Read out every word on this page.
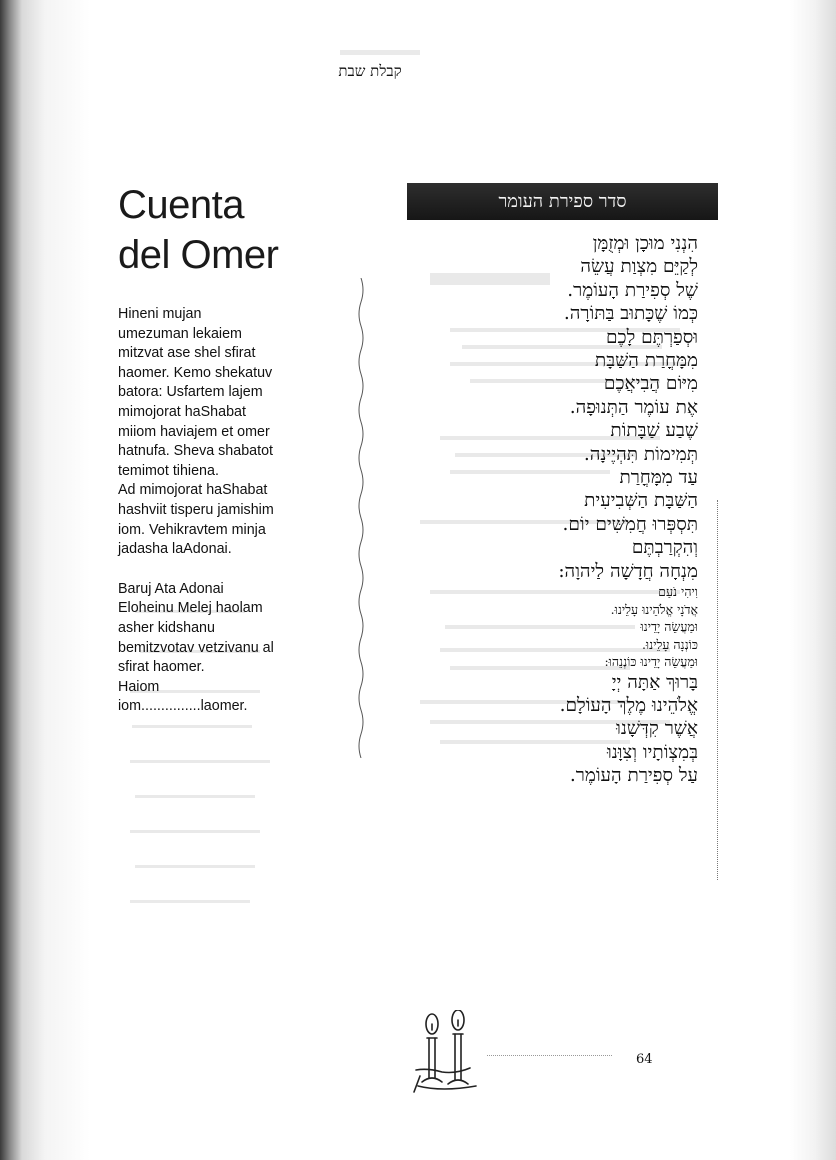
▬▬▬
קבלת שבת
Cuenta
del Omer

Hineni mujan
umezuman lekaiem
mitzvat ase shel sfirat
haomer. Kemo shekatuv
batora: Usfartem lajem
mimojorat haShabat
miiom haviajem et omer
hatnufa. Sheva shabatot
temimot tihiena.
Ad mimojorat haShabat
hashviit tisperu jamishim
iom. Vehikravtem minja
jadasha laAdonai.

Baruj Ata Adonai
Eloheinu Melej haolam
asher kidshanu
bemitzvotav vetzivanu al
sfirat haomer.
Haiom
iom...............laomer.

סדר ספירת העומר
הִנְנִי מוּכָן וּמְזֻמָּן
לְקַיֵּם מִצְוַת עֲשֵׂה
שֶׁל סְפִירַת הָעוֹמֶר.
כְּמוֹ שֶׁכָּתוּב בַּתּוֹרָה.
וּסְפַרְתֶּם לָכֶם
מִמָּחֳרַת הַשַּׁבָּת
מִיּוֹם הֲבִיאֲכֶם
אֶת עוֹמֶר הַתְּנוּפָה.
שֶׁבַע שַׁבָּתוֹת
תְּמִימוֹת תִּהְיֶינָה.
עַד מִמָּחֳרַת
הַשַּׁבָּת הַשְּׁבִיעִית
תִּסְפְּרוּ חֲמִשִּׁים יוֹם.
וְהִקְרַבְתֶּם
מִנְחָה חֲדָשָׁה לַיהוָה:
וִיהִי נֹעַם
אֲדֹנָי אֱלֹהֵינוּ עָלֵינוּ.
וּמַעֲשֵׂה יָדֵינוּ
כּוֹנְנָה עָלֵינוּ.
וּמַעֲשֵׂה יָדֵינוּ כּוֹנְנֵהוּ:
בָּרוּךְ אַתָּה יְיָ
אֱלֹהֵינוּ מֶלֶךְ הָעוֹלָם.
אֲשֶׁר קִדְּשָׁנוּ
בְּמִצְוֹתָיו וְצִוָּנוּ
עַל סְפִירַת הָעוֹמֶר.
64
